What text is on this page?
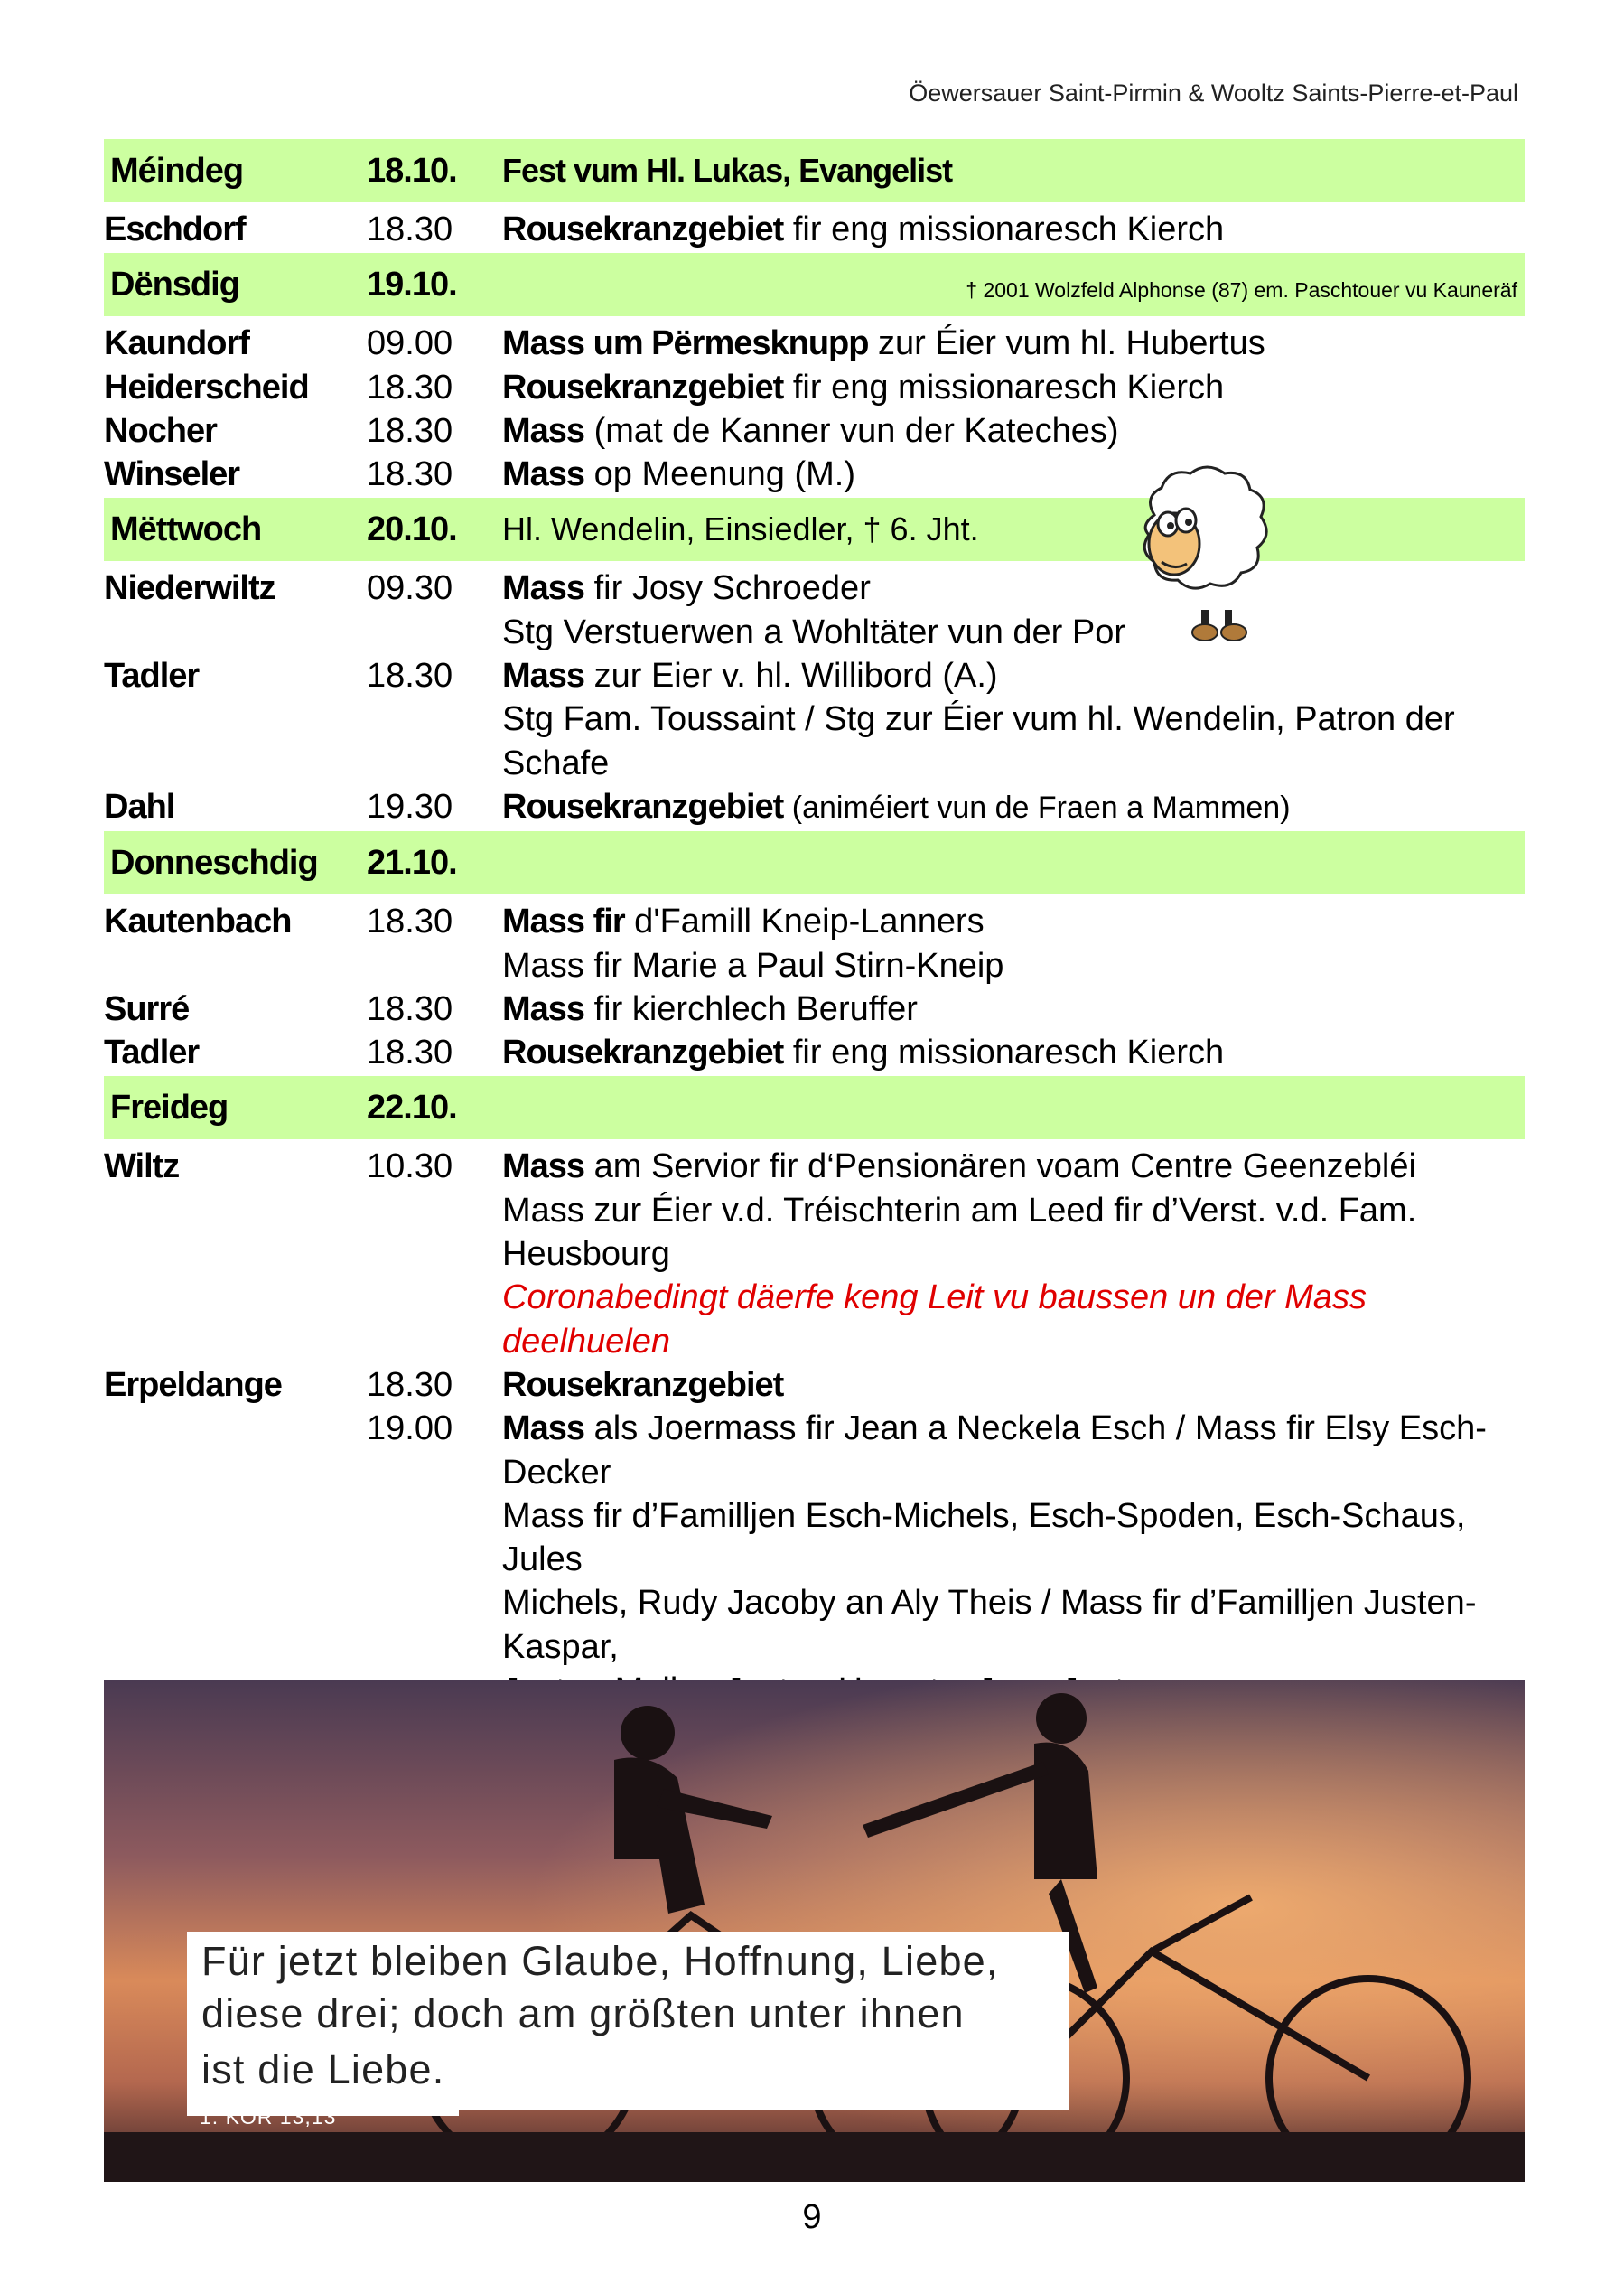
Öewersauer Saint-Pirmin & Wooltz Saints-Pierre-et-Paul
Méindeg	18.10.	Fest vum Hl. Lukas, Evangelist
Eschdorf	18.30	Rousekranzgebiet fir eng missionaresch Kierch
Dënsdig	19.10.	† 2001 Wolzfeld Alphonse (87) em. Paschtouer vu Kauneräf
Kaundorf	09.00	Mass um Përmesknupp zur Éier vum hl. Hubertus
Heiderscheid	18.30	Rousekranzgebiet fir eng missionaresch Kierch
Nocher	18.30	Mass (mat de Kanner vun der Kateches)
Winseler	18.30	Mass op Meenung (M.)
Mëttwoch	20.10.	Hl. Wendelin, Einsiedler, † 6. Jht.
Niederwiltz	09.30	Mass fir Josy Schroeder
Stg Verstuerwen a Wohltäter vun der Por
Tadler	18.30	Mass zur Eier v. hl. Willibord (A.)
Stg Fam. Toussaint / Stg zur Éier vum hl. Wendelin, Patron der Schafe
Dahl	19.30	Rousekranzgebiet (animéiert vun de Fraen a Mammen)
Donneschdig	21.10.
Kautenbach	18.30	Mass fir d'Famill Kneip-Lanners
Mass fir Marie a Paul Stirn-Kneip
Surré	18.30	Mass fir kierchlech Beruffer
Tadler	18.30	Rousekranzgebiet fir eng missionaresch Kierch
Freideg	22.10.
Wiltz	10.30	Mass am Servior fir d‘Pensionären voam Centre Geenzebléi
Mass zur Éier v.d. Tréischterin am Leed fir d’Verst. v.d. Fam. Heusbourg
Coronabedingt däerfe keng Leit vu baussen un der Mass deelhuelen
Erpeldange	18.30	Rousekranzgebiet
19.00	Mass als Joermass fir Jean a Neckela Esch / Mass fir Elsy Esch-Decker
Mass fir d’Familljen Esch-Michels, Esch-Spoden, Esch-Schaus, Jules
Michels, Rudy Jacoby an Aly Theis / Mass fir d’Familljen Justen-Kaspar,
Für jetzt bleiben Glaube, Hoffnung, Liebe,
diese drei; doch am größten unter ihnen
ist die Liebe.
1. KOR 13,13
9
